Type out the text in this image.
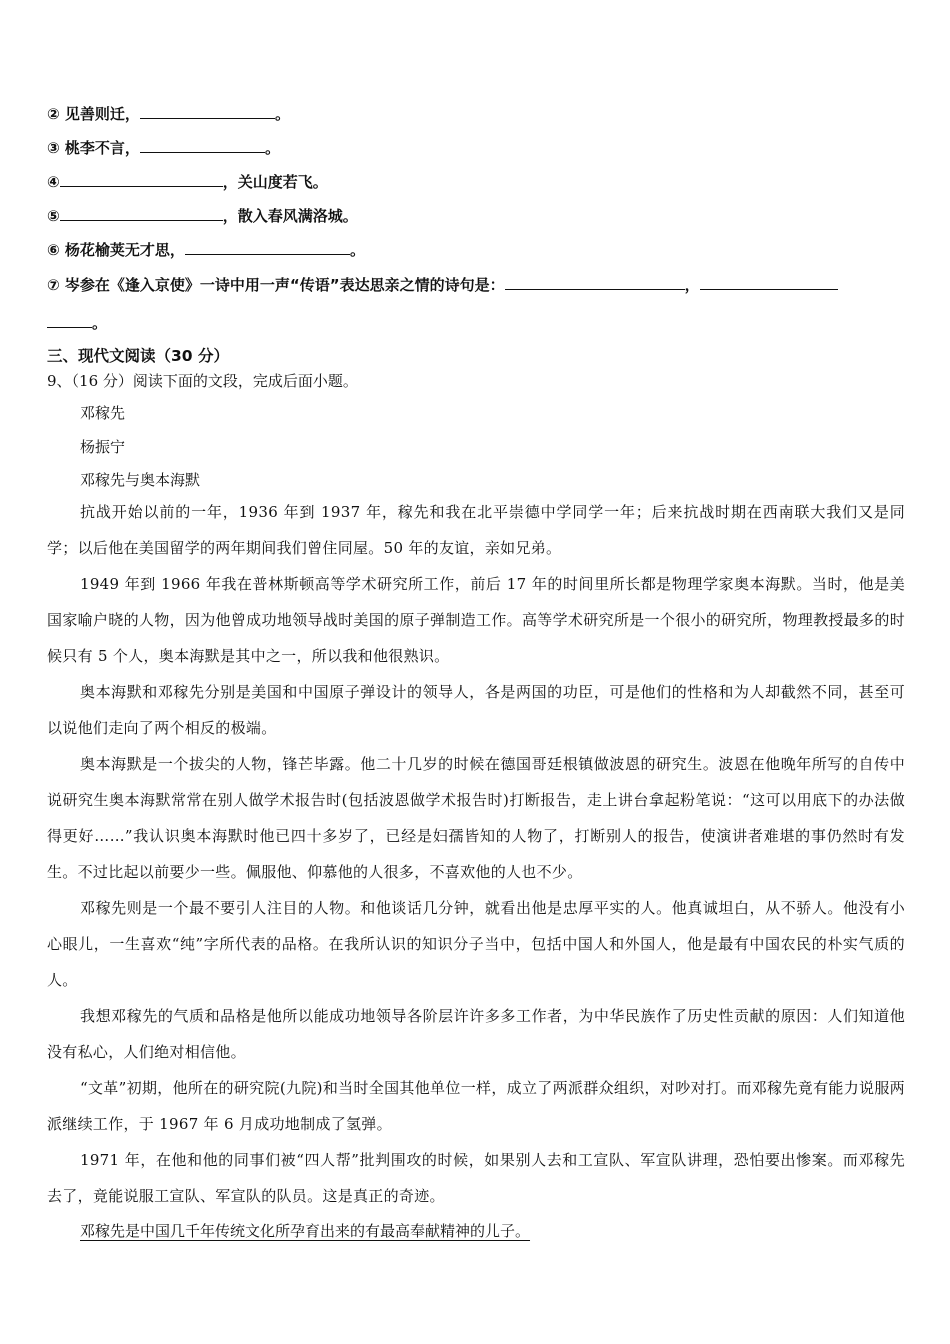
② 见善则迁，	。
③ 桃李不言，	。
④	，关山度若飞。
⑤	，散入春风满洛城。
⑥ 杨花榆荚无才思，	。
⑦ 岑参在《逢入京使》一诗中用一声“传语”表达思亲之情的诗句是：	，
。
三、现代文阅读（30 分）
9、（16 分）阅读下面的文段，完成后面小题。
邓稼先
杨振宁
邓稼先与奥本海默

抗战开始以前的一年，1936 年到 1937 年，稼先和我在北平崇德中学同学一年；后来抗战时期在西南联大我们又是同学；以后他在美国留学的两年期间我们曾住同屋。50 年的友谊，亲如兄弟。

1949 年到 1966 年我在普林斯顿高等学术研究所工作，前后 17 年的时间里所长都是物理学家奥本海默。当时，他是美国家喻户晓的人物，因为他曾成功地领导战时美国的原子弹制造工作。高等学术研究所是一个很小的研究所，物理教授最多的时候只有 5 个人，奥本海默是其中之一，所以我和他很熟识。

奥本海默和邓稼先分别是美国和中国原子弹设计的领导人，各是两国的功臣，可是他们的性格和为人却截然不同，甚至可以说他们走向了两个相反的极端。

奥本海默是一个拔尖的人物，锋芒毕露。他二十几岁的时候在德国哥廷根镇做波恩的研究生。波恩在他晚年所写的自传中说研究生奥本海默常常在别人做学术报告时(包括波恩做学术报告时)打断报告，走上讲台拿起粉笔说：“这可以用底下的办法做得更好……”我认识奥本海默时他已四十多岁了，已经是妇孺皆知的人物了，打断别人的报告，使演讲者难堪的事仍然时有发生。不过比起以前要少一些。佩服他、仰慕他的人很多，不喜欢他的人也不少。

邓稼先则是一个最不要引人注目的人物。和他谈话几分钟，就看出他是忠厚平实的人。他真诚坦白，从不骄人。他没有小心眼儿，一生喜欢“纯”字所代表的品格。在我所认识的知识分子当中，包括中国人和外国人，他是最有中国农民的朴实气质的人。

我想邓稼先的气质和品格是他所以能成功地领导各阶层许许多多工作者，为中华民族作了历史性贡献的原因：人们知道他没有私心，人们绝对相信他。

“文革”初期，他所在的研究院(九院)和当时全国其他单位一样，成立了两派群众组织，对吵对打。而邓稼先竟有能力说服两派继续工作，于 1967 年 6 月成功地制成了氢弹。

1971 年，在他和他的同事们被“四人帮”批判围攻的时候，如果别人去和工宣队、军宣队讲理，恐怕要出惨案。而邓稼先去了，竟能说服工宣队、军宣队的队员。这是真正的奇迹。

邓稼先是中国几千年传统文化所孕育出来的有最高奉献精神的儿子。
